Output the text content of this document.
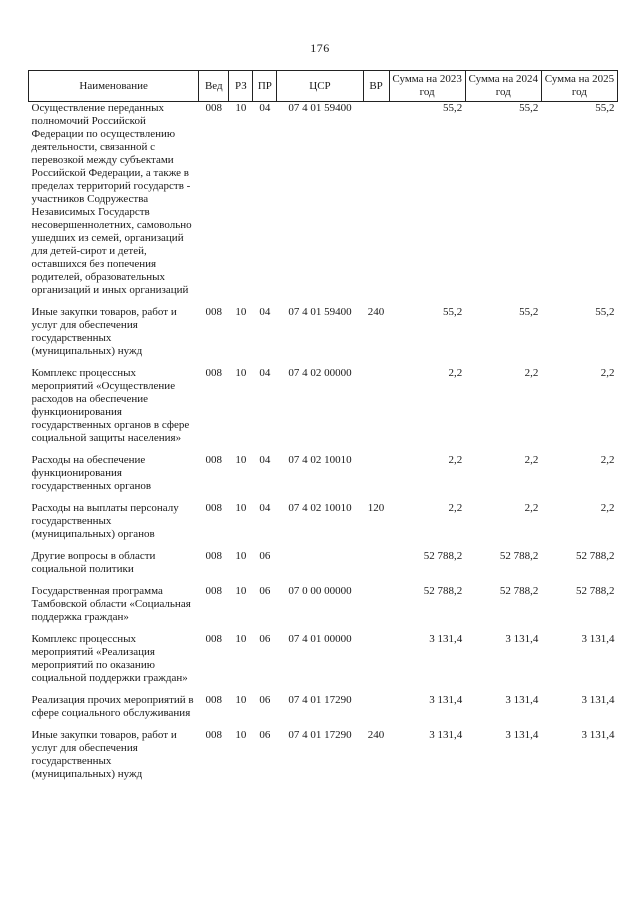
176
Наименование	Вед	РЗ	ПР	ЦСР	ВР	Сумма на 2023 год	Сумма на 2024 год	Сумма на 2025 год
Осуществление переданных полномочий Российской Федерации по осуществлению деятельности, связанной с перевозкой между субъектами Российской Федерации, а также в пределах территорий государств - участников Содружества Независимых Государств несовершеннолетних, самовольно ушедших из семей, организаций для детей-сирот и детей, оставшихся без попечения родителей, образовательных организаций и иных организаций	008	10	04	07 4 01 59400		55,2	55,2	55,2
Иные закупки товаров, работ и услуг для обеспечения государственных (муниципальных) нужд	008	10	04	07 4 01 59400	240	55,2	55,2	55,2
Комплекс процессных мероприятий «Осуществление расходов на обеспечение функционирования государственных органов в сфере социальной защиты населения»	008	10	04	07 4 02 00000		2,2	2,2	2,2
Расходы на обеспечение функционирования государственных органов	008	10	04	07 4 02 10010		2,2	2,2	2,2
Расходы на выплаты персоналу государственных (муниципальных) органов	008	10	04	07 4 02 10010	120	2,2	2,2	2,2
Другие вопросы в области социальной политики	008	10	06			52 788,2	52 788,2	52 788,2
Государственная программа Тамбовской области «Социальная поддержка граждан»	008	10	06	07 0 00 00000		52 788,2	52 788,2	52 788,2
Комплекс процессных мероприятий «Реализация мероприятий по оказанию социальной поддержки граждан»	008	10	06	07 4 01 00000		3 131,4	3 131,4	3 131,4
Реализация прочих мероприятий в сфере социального обслуживания	008	10	06	07 4 01 17290		3 131,4	3 131,4	3 131,4
Иные закупки товаров, работ и услуг для обеспечения государственных (муниципальных) нужд	008	10	06	07 4 01 17290	240	3 131,4	3 131,4	3 131,4
